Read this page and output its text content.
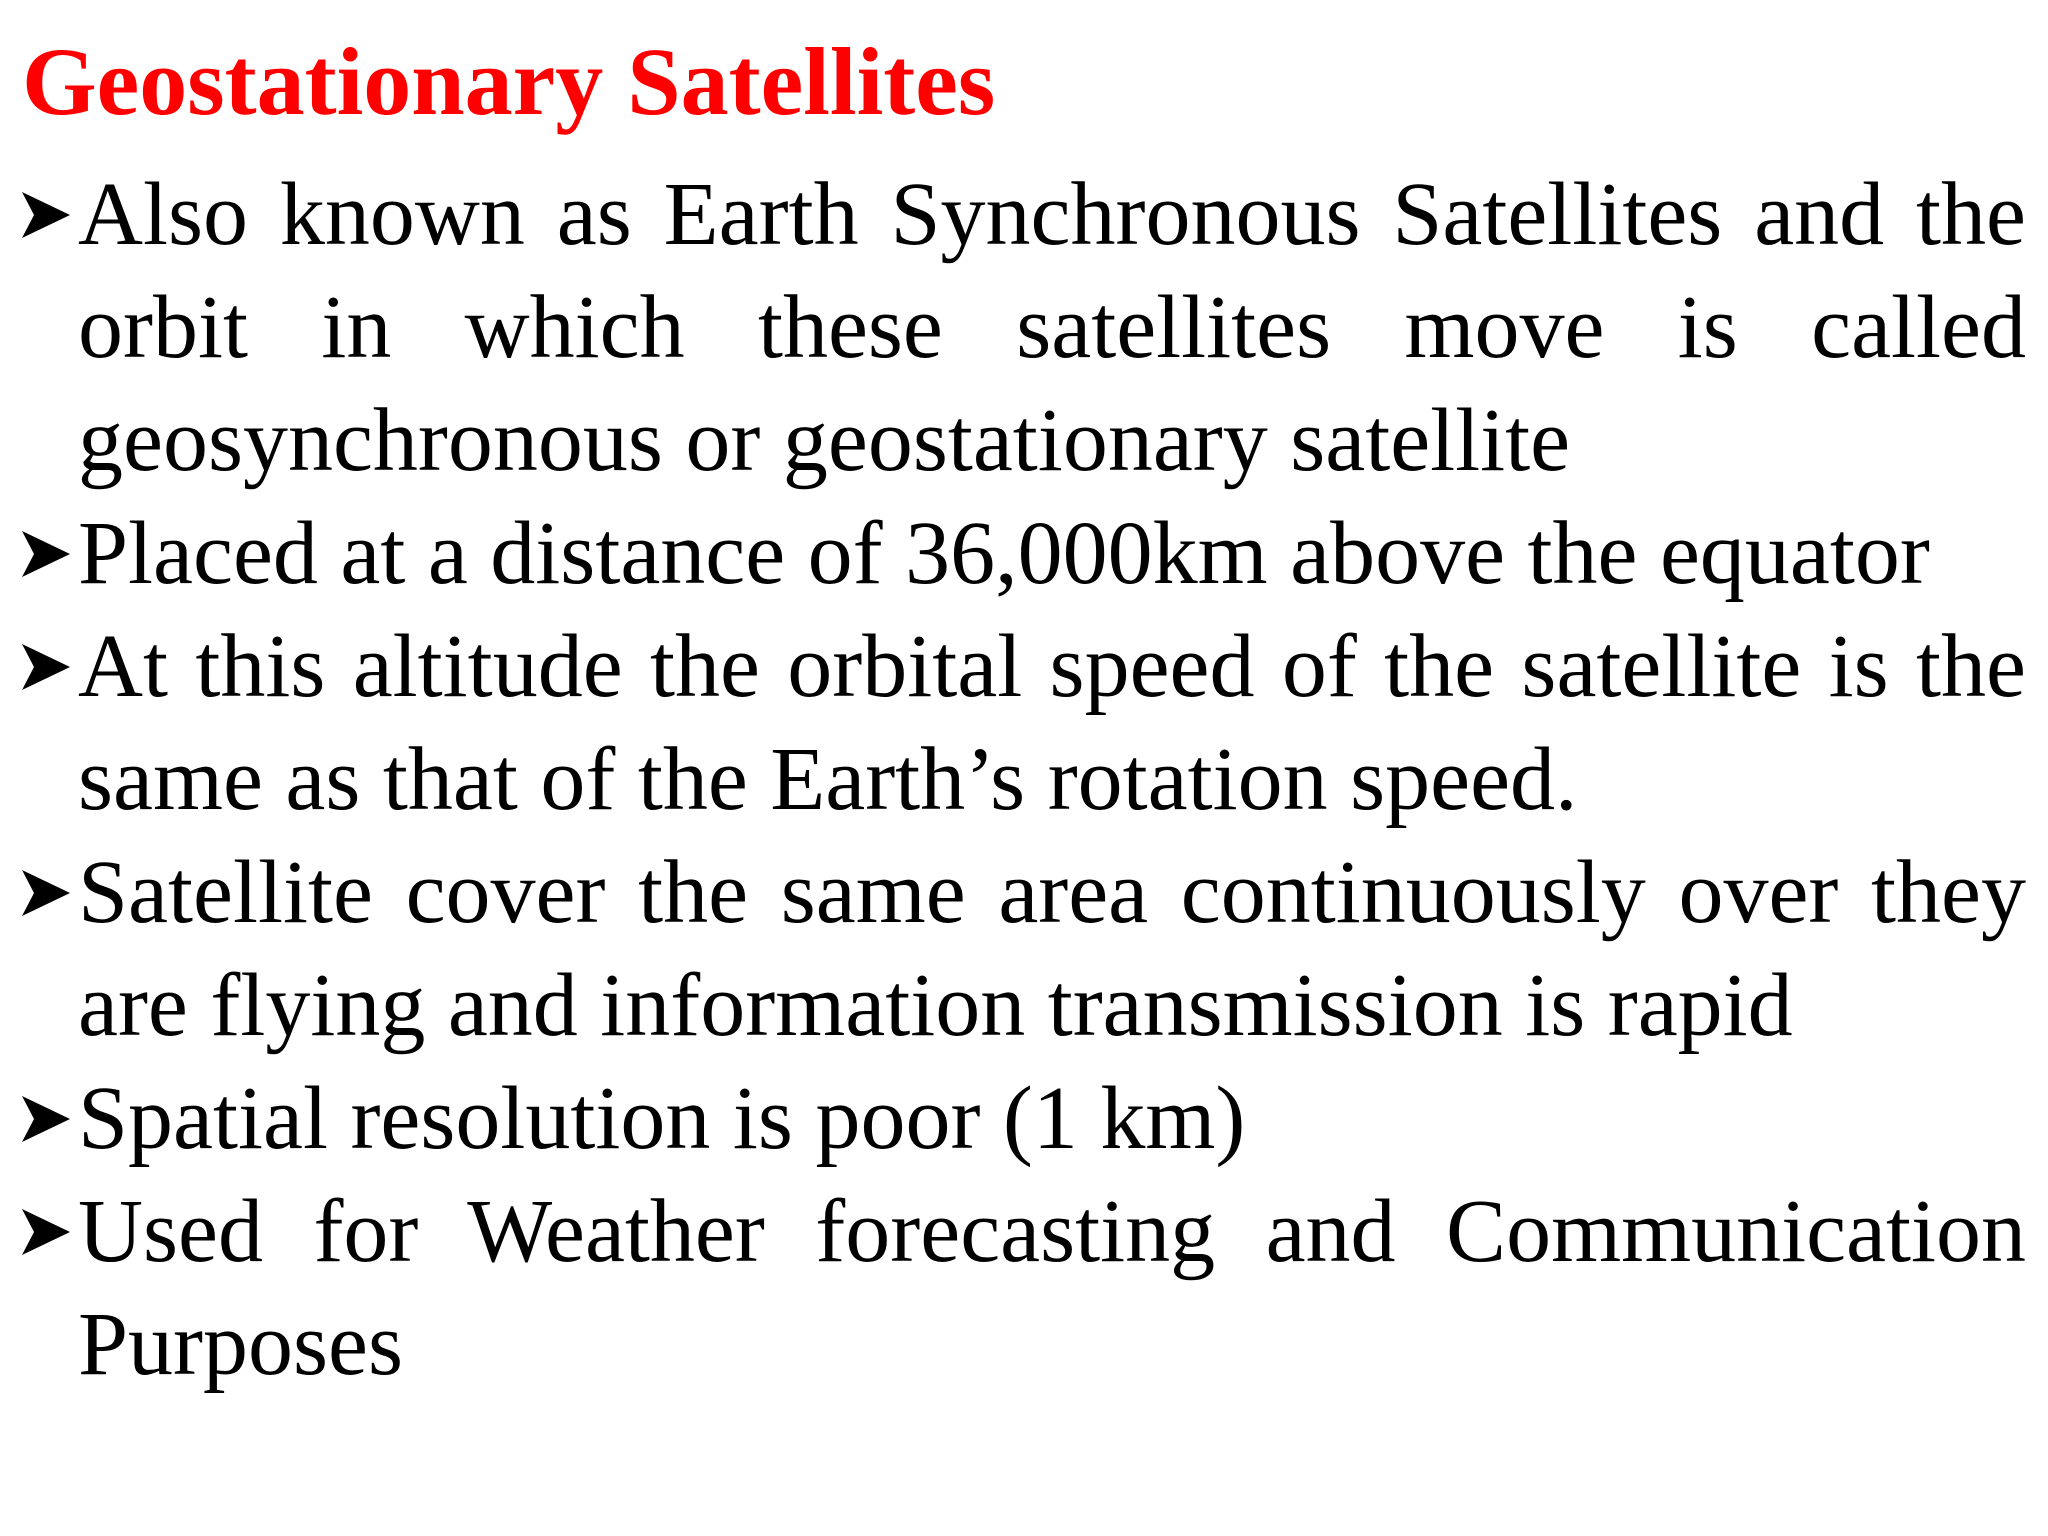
Geostationary Satellites
Also known as Earth Synchronous Satellites and the orbit in which these satellites move is called geosynchronous or geostationary satellite
Placed at a distance of 36,000km above the equator
At this altitude the orbital speed of the satellite is the same as that of the Earth’s rotation speed.
Satellite cover the same area continuously over they are flying and information transmission is rapid
Spatial resolution is poor (1 km)
Used for Weather forecasting and Communication Purposes
